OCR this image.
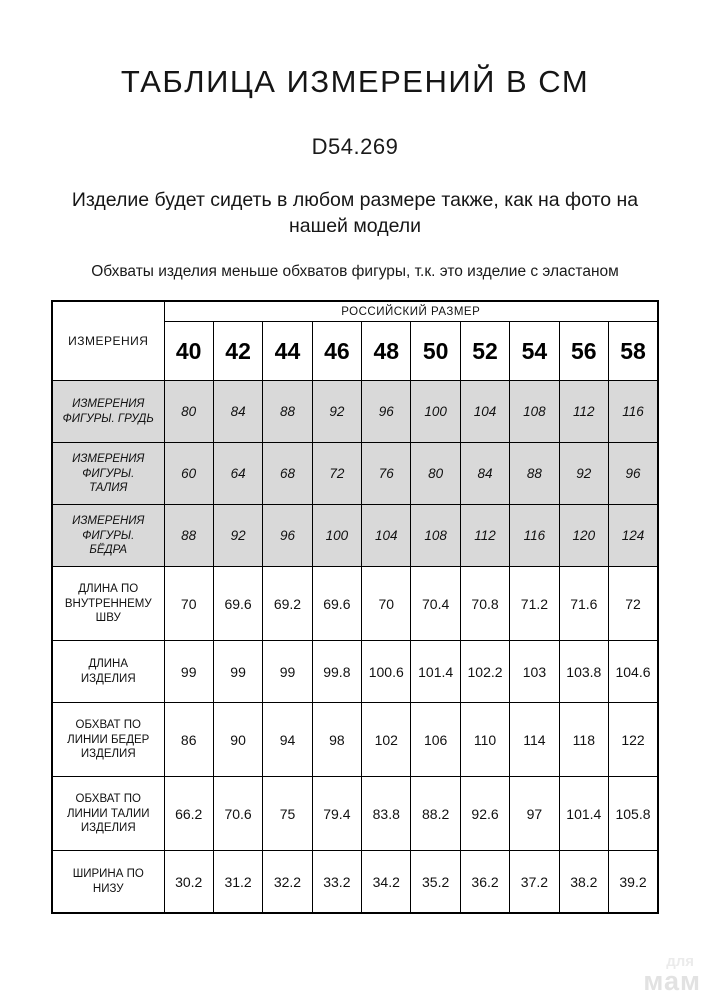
ТАБЛИЦА ИЗМЕРЕНИЙ В СМ
D54.269

Изделие будет сидеть в любом размере также, как на фото на нашей модели

Обхваты изделия меньше обхватов фигуры, т.к. это изделие с эластаном

ИЗМЕРЕНИЯ	РОССИЙСКИЙ РАЗМЕР									
	40	42	44	46	48	50	52	54	56	58
ИЗМЕРЕНИЯ ФИГУРЫ. ГРУДЬ	80	84	88	92	96	100	104	108	112	116
ИЗМЕРЕНИЯ ФИГУРЫ. ТАЛИЯ	60	64	68	72	76	80	84	88	92	96
ИЗМЕРЕНИЯ ФИГУРЫ. БЁДРА	88	92	96	100	104	108	112	116	120	124
ДЛИНА ПО ВНУТРЕННЕМУ ШВУ	70	69.6	69.2	69.6	70	70.4	70.8	71.2	71.6	72
ДЛИНА ИЗДЕЛИЯ	99	99	99	99.8	100.6	101.4	102.2	103	103.8	104.6
ОБХВАТ ПО ЛИНИИ БЕДЕР ИЗДЕЛИЯ	86	90	94	98	102	106	110	114	118	122
ОБХВАТ ПО ЛИНИИ ТАЛИИ ИЗДЕЛИЯ	66.2	70.6	75	79.4	83.8	88.2	92.6	97	101.4	105.8
ШИРИНА ПО НИЗУ	30.2	31.2	32.2	33.2	34.2	35.2	36.2	37.2	38.2	39.2
для
мам
